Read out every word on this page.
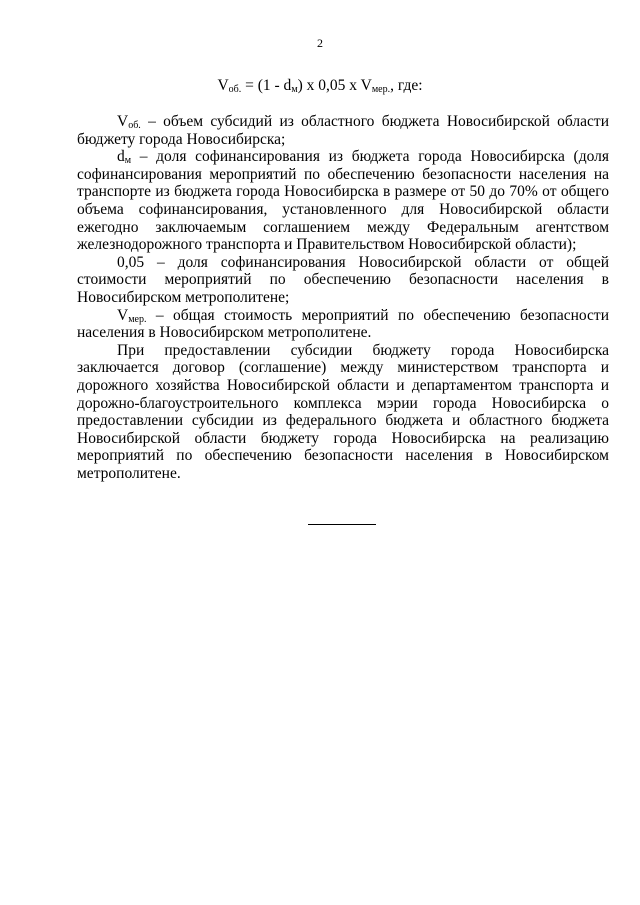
2
$V_{об.} = (1 - d_м)$ x 0,05 x $V_{мер.}$, где:

$V_{об.}$ – объем субсидий из областного бюджета Новосибирской области бюджету города Новосибирска;

$d_м$ – доля софинансирования из бюджета города Новосибирска (доля софинансирования мероприятий по обеспечению безопасности населения на транспорте из бюджета города Новосибирска в размере от 50 до 70% от общего объема софинансирования, установленного для Новосибирской области ежегодно заключаемым соглашением между Федеральным агентством железнодорожного транспорта и Правительством Новосибирской области);

0,05 – доля софинансирования Новосибирской области от общей стоимости мероприятий по обеспечению безопасности населения в Новосибирском метрополитене;

$V_{мер.}$ – общая стоимость мероприятий по обеспечению безопасности населения в Новосибирском метрополитене.

При предоставлении субсидии бюджету города Новосибирска заключается договор (соглашение) между министерством транспорта и дорожного хозяйства Новосибирской области и департаментом транспорта и дорожно-благоустроительного комплекса мэрии города Новосибирска о предоставлении субсидии из федерального бюджета и областного бюджета Новосибирской области бюджету города Новосибирска на реализацию мероприятий по обеспечению безопасности населения в Новосибирском метрополитене.
